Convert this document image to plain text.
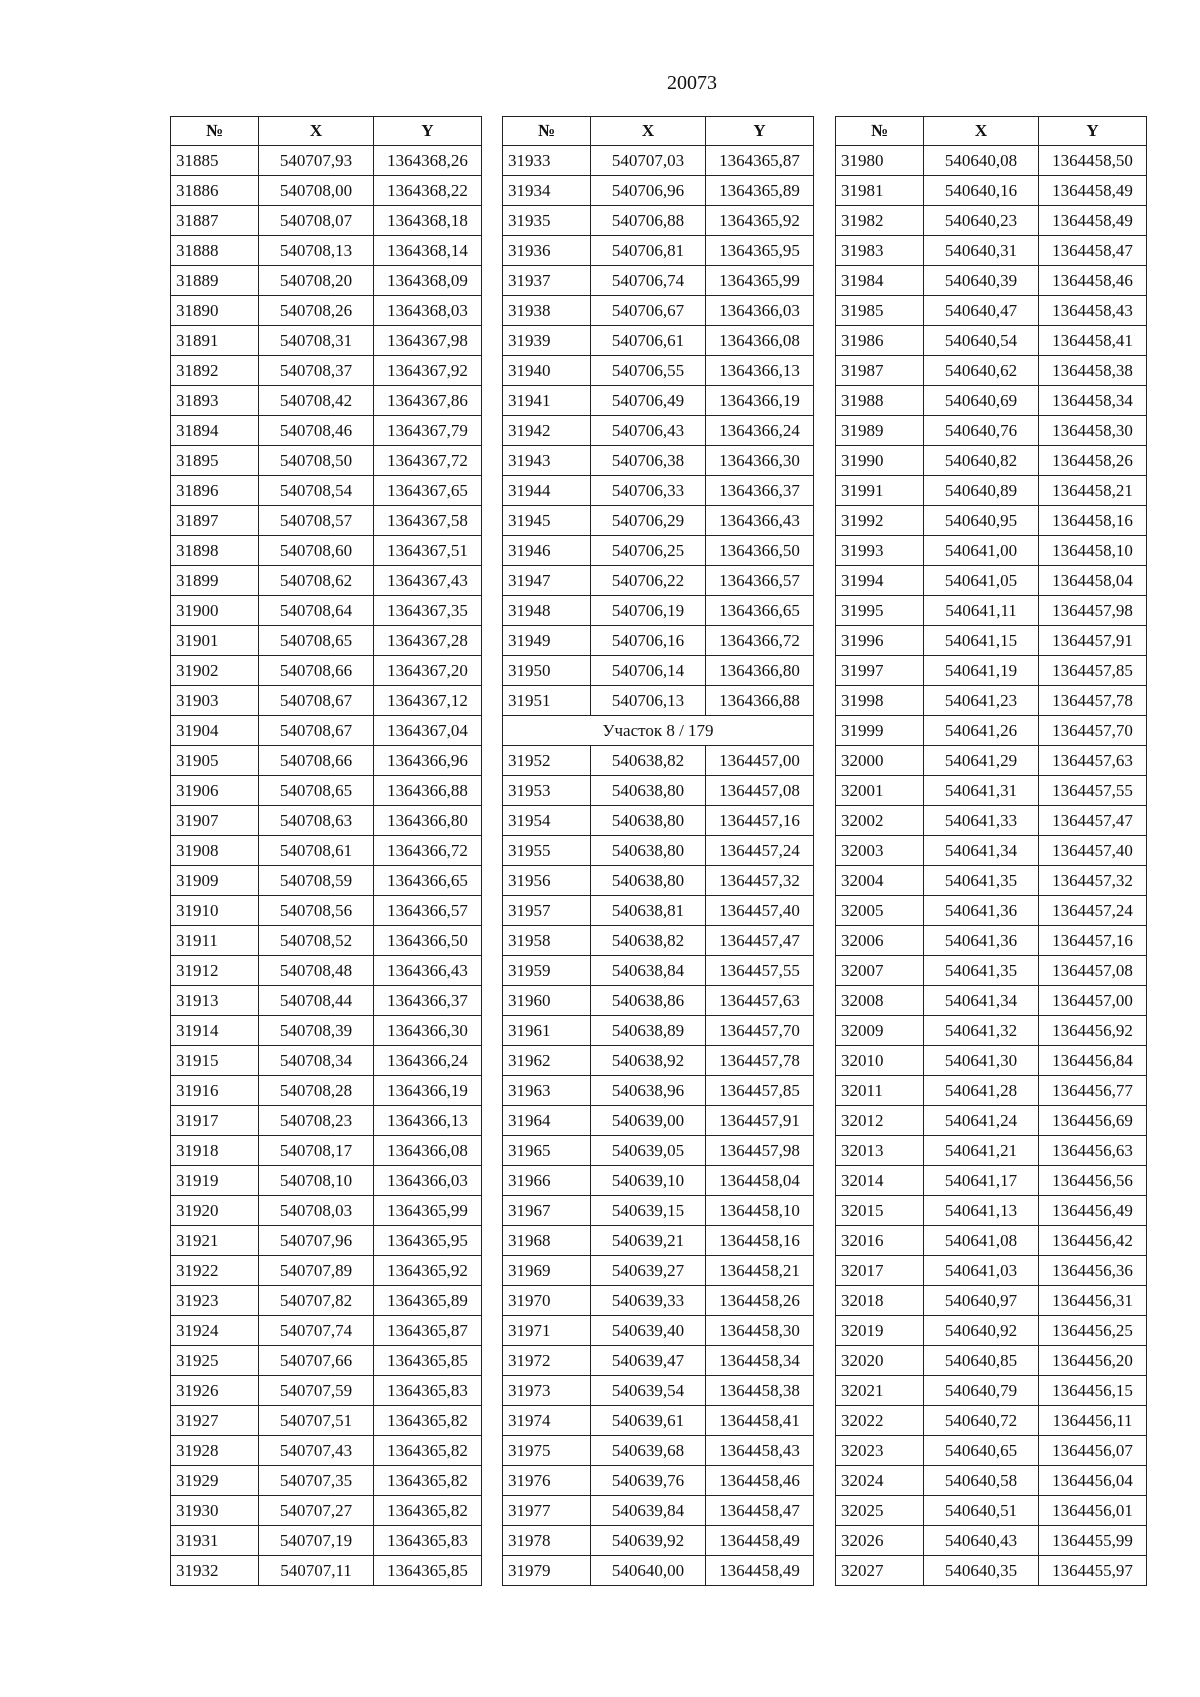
20073
№	X	Y
31885	540707,93	1364368,26
31886	540708,00	1364368,22
31887	540708,07	1364368,18
31888	540708,13	1364368,14
31889	540708,20	1364368,09
31890	540708,26	1364368,03
31891	540708,31	1364367,98
31892	540708,37	1364367,92
31893	540708,42	1364367,86
31894	540708,46	1364367,79
31895	540708,50	1364367,72
31896	540708,54	1364367,65
31897	540708,57	1364367,58
31898	540708,60	1364367,51
31899	540708,62	1364367,43
31900	540708,64	1364367,35
31901	540708,65	1364367,28
31902	540708,66	1364367,20
31903	540708,67	1364367,12
31904	540708,67	1364367,04
31905	540708,66	1364366,96
31906	540708,65	1364366,88
31907	540708,63	1364366,80
31908	540708,61	1364366,72
31909	540708,59	1364366,65
31910	540708,56	1364366,57
31911	540708,52	1364366,50
31912	540708,48	1364366,43
31913	540708,44	1364366,37
31914	540708,39	1364366,30
31915	540708,34	1364366,24
31916	540708,28	1364366,19
31917	540708,23	1364366,13
31918	540708,17	1364366,08
31919	540708,10	1364366,03
31920	540708,03	1364365,99
31921	540707,96	1364365,95
31922	540707,89	1364365,92
31923	540707,82	1364365,89
31924	540707,74	1364365,87
31925	540707,66	1364365,85
31926	540707,59	1364365,83
31927	540707,51	1364365,82
31928	540707,43	1364365,82
31929	540707,35	1364365,82
31930	540707,27	1364365,82
31931	540707,19	1364365,83
31932	540707,11	1364365,85
№	X	Y
31933	540707,03	1364365,87
31934	540706,96	1364365,89
31935	540706,88	1364365,92
31936	540706,81	1364365,95
31937	540706,74	1364365,99
31938	540706,67	1364366,03
31939	540706,61	1364366,08
31940	540706,55	1364366,13
31941	540706,49	1364366,19
31942	540706,43	1364366,24
31943	540706,38	1364366,30
31944	540706,33	1364366,37
31945	540706,29	1364366,43
31946	540706,25	1364366,50
31947	540706,22	1364366,57
31948	540706,19	1364366,65
31949	540706,16	1364366,72
31950	540706,14	1364366,80
31951	540706,13	1364366,88
Участок 8 / 179		
31952	540638,82	1364457,00
31953	540638,80	1364457,08
31954	540638,80	1364457,16
31955	540638,80	1364457,24
31956	540638,80	1364457,32
31957	540638,81	1364457,40
31958	540638,82	1364457,47
31959	540638,84	1364457,55
31960	540638,86	1364457,63
31961	540638,89	1364457,70
31962	540638,92	1364457,78
31963	540638,96	1364457,85
31964	540639,00	1364457,91
31965	540639,05	1364457,98
31966	540639,10	1364458,04
31967	540639,15	1364458,10
31968	540639,21	1364458,16
31969	540639,27	1364458,21
31970	540639,33	1364458,26
31971	540639,40	1364458,30
31972	540639,47	1364458,34
31973	540639,54	1364458,38
31974	540639,61	1364458,41
31975	540639,68	1364458,43
31976	540639,76	1364458,46
31977	540639,84	1364458,47
31978	540639,92	1364458,49
31979	540640,00	1364458,49
№	X	Y
31980	540640,08	1364458,50
31981	540640,16	1364458,49
31982	540640,23	1364458,49
31983	540640,31	1364458,47
31984	540640,39	1364458,46
31985	540640,47	1364458,43
31986	540640,54	1364458,41
31987	540640,62	1364458,38
31988	540640,69	1364458,34
31989	540640,76	1364458,30
31990	540640,82	1364458,26
31991	540640,89	1364458,21
31992	540640,95	1364458,16
31993	540641,00	1364458,10
31994	540641,05	1364458,04
31995	540641,11	1364457,98
31996	540641,15	1364457,91
31997	540641,19	1364457,85
31998	540641,23	1364457,78
31999	540641,26	1364457,70
32000	540641,29	1364457,63
32001	540641,31	1364457,55
32002	540641,33	1364457,47
32003	540641,34	1364457,40
32004	540641,35	1364457,32
32005	540641,36	1364457,24
32006	540641,36	1364457,16
32007	540641,35	1364457,08
32008	540641,34	1364457,00
32009	540641,32	1364456,92
32010	540641,30	1364456,84
32011	540641,28	1364456,77
32012	540641,24	1364456,69
32013	540641,21	1364456,63
32014	540641,17	1364456,56
32015	540641,13	1364456,49
32016	540641,08	1364456,42
32017	540641,03	1364456,36
32018	540640,97	1364456,31
32019	540640,92	1364456,25
32020	540640,85	1364456,20
32021	540640,79	1364456,15
32022	540640,72	1364456,11
32023	540640,65	1364456,07
32024	540640,58	1364456,04
32025	540640,51	1364456,01
32026	540640,43	1364455,99
32027	540640,35	1364455,97
